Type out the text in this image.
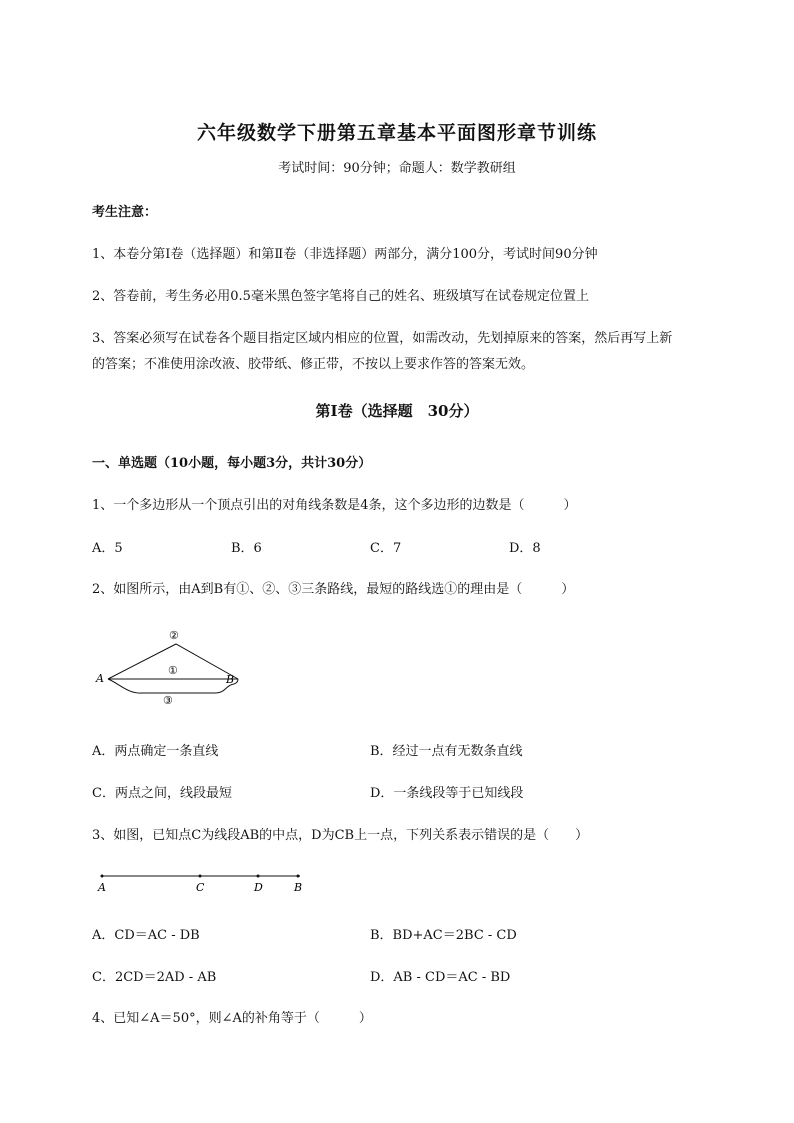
六年级数学下册第五章基本平面图形章节训练
考试时间：90分钟；命题人：数学教研组
考生注意：
1、本卷分第I卷（选择题）和第Ⅱ卷（非选择题）两部分，满分100分，考试时间90分钟
2、答卷前，考生务必用0.5毫米黑色签字笔将自己的姓名、班级填写在试卷规定位置上
3、答案必须写在试卷各个题目指定区域内相应的位置，如需改动，先划掉原来的答案，然后再写上新
的答案；不准使用涂改液、胶带纸、修正带，不按以上要求作答的答案无效。
第I卷（选择题　30分）
一、单选题（10小题，每小题3分，共计30分）
1、一个多边形从一个顶点引出的对角线条数是4条，这个多边形的边数是（　　　）
A．5	B．6	C．7	D．8
2、如图所示，由A到B有①、②、③三条路线，最短的路线选①的理由是（　　　）
A	B
①
②
③
A．两点确定一条直线	B．经过一点有无数条直线
C．两点之间，线段最短	D．一条线段等于已知线段
3、如图，已知点C为线段AB的中点，D为CB上一点，下列关系表示错误的是（　　）
A	C	D	B
A．CD＝AC - DB	B．BD+AC＝2BC - CD
C．2CD＝2AD - AB	D．AB - CD＝AC - BD
4、已知∠A＝50°，则∠A的补角等于（　　　）
